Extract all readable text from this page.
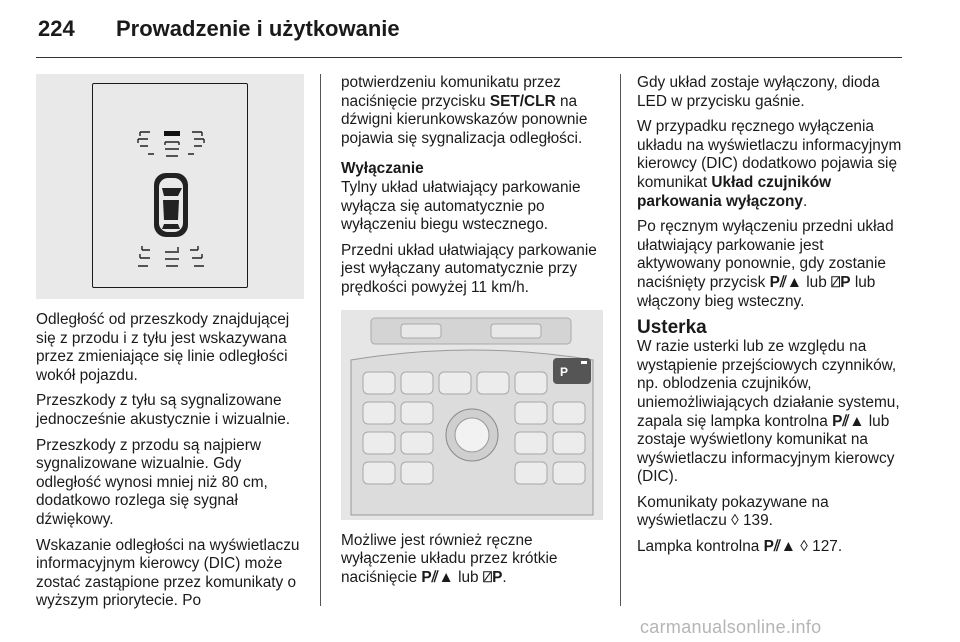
224 Prowadzenie i użytkowanie

Odległość od przeszkody znajdującej się z przodu i z tyłu jest wskazywana przez zmieniające się linie odległości wokół pojazdu.

Przeszkody z tyłu są sygnalizowane jednocześnie akustycznie i wizualnie.

Przeszkody z przodu są najpierw sygnalizowane wizualnie. Gdy odległość wynosi mniej niż 80 cm, dodatkowo rozlega się sygnał dźwiękowy.

Wskazanie odległości na wyświetlaczu informacyjnym kierowcy (DIC) może zostać zastąpione przez komunikaty o wyższym priorytecie. Po

potwierdzeniu komunikatu przez naciśnięcie przycisku SET/CLR na dźwigni kierunkowskazów ponownie pojawia się sygnalizacja odległości.

Wyłączanie

Tylny układ ułatwiający parkowanie wyłącza się automatycznie po wyłączeniu biegu wstecznego.

Przedni układ ułatwiający parkowanie jest wyłączany automatycznie przy prędkości powyżej 11 km/h.

P

Możliwe jest również ręczne wyłączenie układu przez krótkie naciśnięcie P⫽▲ lub ⍁P.

Gdy układ zostaje wyłączony, dioda LED w przycisku gaśnie.

W przypadku ręcznego wyłączenia układu na wyświetlaczu informacyjnym kierowcy (DIC) dodatkowo pojawia się komunikat Układ czujników parkowania wyłączony.

Po ręcznym wyłączeniu przedni układ ułatwiający parkowanie jest aktywowany ponownie, gdy zostanie naciśnięty przycisk P⫽▲ lub ⍁P lub włączony bieg wsteczny.

Usterka

W razie usterki lub ze względu na wystąpienie przejściowych czynników, np. oblodzenia czujników, uniemożliwiających działanie systemu, zapala się lampka kontrolna P⫽▲ lub zostaje wyświetlony komunikat na wyświetlaczu informacyjnym kierowcy (DIC).

Komunikaty pokazywane na wyświetlaczu ◊ 139.

Lampka kontrolna P⫽▲ ◊ 127.

carmanualsonline.info
